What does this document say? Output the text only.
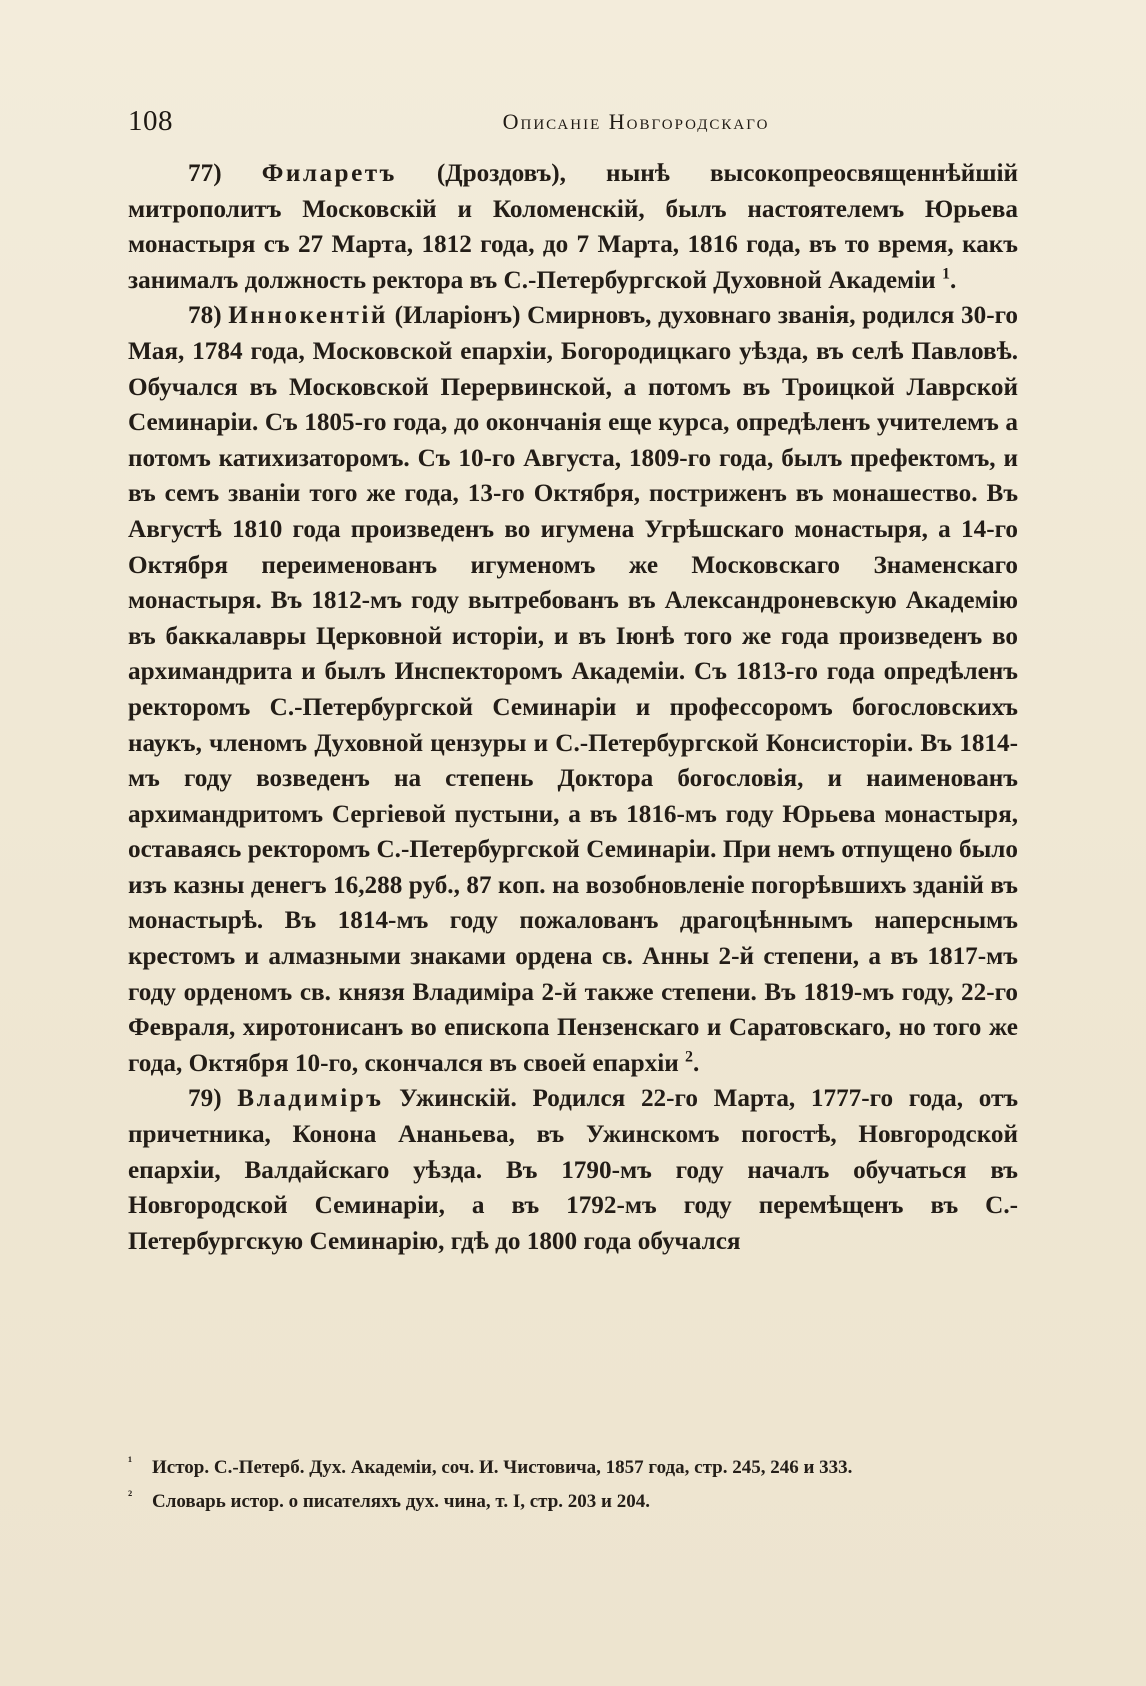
108	Описаніе Новгородскаго

77) Филаретъ (Дроздовъ), нынѣ высокопреосвященнѣйшій митрополитъ Московскій и Коломенскій, былъ настоятелемъ Юрьева монастыря съ 27 Марта, 1812 года, до 7 Марта, 1816 года, въ то время, какъ занималъ должность ректора въ С.-Петербургской Духовной Академіи $^1$.

78) Иннокентій (Иларіонъ) Смирновъ, духовнаго званія, родился 30-го Мая, 1784 года, Московской епархіи, Богородицкаго уѣзда, въ селѣ Павловѣ. Обучался въ Московской Перервинской, а потомъ въ Троицкой Лаврской Семинаріи. Съ 1805-го года, до окончанія еще курса, опредѣленъ учителемъ а потомъ катихизаторомъ. Съ 10-го Августа, 1809-го года, былъ префектомъ, и въ семъ званіи того же года, 13-го Октября, постриженъ въ монашество. Въ Августѣ 1810 года произведенъ во игумена Угрѣшскаго монастыря, а 14-го Октября переименованъ игуменомъ же Московскаго Знаменскаго монастыря. Въ 1812-мъ году вытребованъ въ Александроневскую Академію въ баккалавры Церковной исторіи, и въ Іюнѣ того же года произведенъ во архимандрита и былъ Инспекторомъ Академіи. Съ 1813-го года опредѣленъ ректоромъ С.-Петербургской Семинаріи и профессоромъ богословскихъ наукъ, членомъ Духовной цензуры и С.-Петербургской Консисторіи. Въ 1814-мъ году возведенъ на степень Доктора богословія, и наименованъ архимандритомъ Сергіевой пустыни, а въ 1816-мъ году Юрьева монастыря, оставаясь ректоромъ С.-Петербургской Семинаріи. При немъ отпущено было изъ казны денегъ 16,288 руб., 87 коп. на возобновленіе погорѣвшихъ зданій въ монастырѣ. Въ 1814-мъ году пожалованъ драгоцѣннымъ наперснымъ крестомъ и алмазными знаками ордена св. Анны 2-й степени, а въ 1817-мъ году орденомъ св. князя Владиміра 2-й также степени. Въ 1819-мъ году, 22-го Февраля, хиротонисанъ во епископа Пензенскаго и Саратовскаго, но того же года, Октября 10-го, скончался въ своей епархіи $^2$.

79) Владиміръ Ужинскій. Родился 22-го Марта, 1777-го года, отъ причетника, Конона Ананьева, въ Ужинскомъ погостѣ, Новгородской епархіи, Валдайскаго уѣзда. Въ 1790-мъ году началъ обучаться въ Новгородской Семинаріи, а въ 1792-мъ году перемѣщенъ въ С.-Петербургскую Семинарію, гдѣ до 1800 года обучался

¹ Истор. С.-Петерб. Дух. Академіи, соч. И. Чистовича, 1857 года, стр. 245, 246 и 333.

² Словарь истор. о писателяхъ дух. чина, т. I, стр. 203 и 204.
